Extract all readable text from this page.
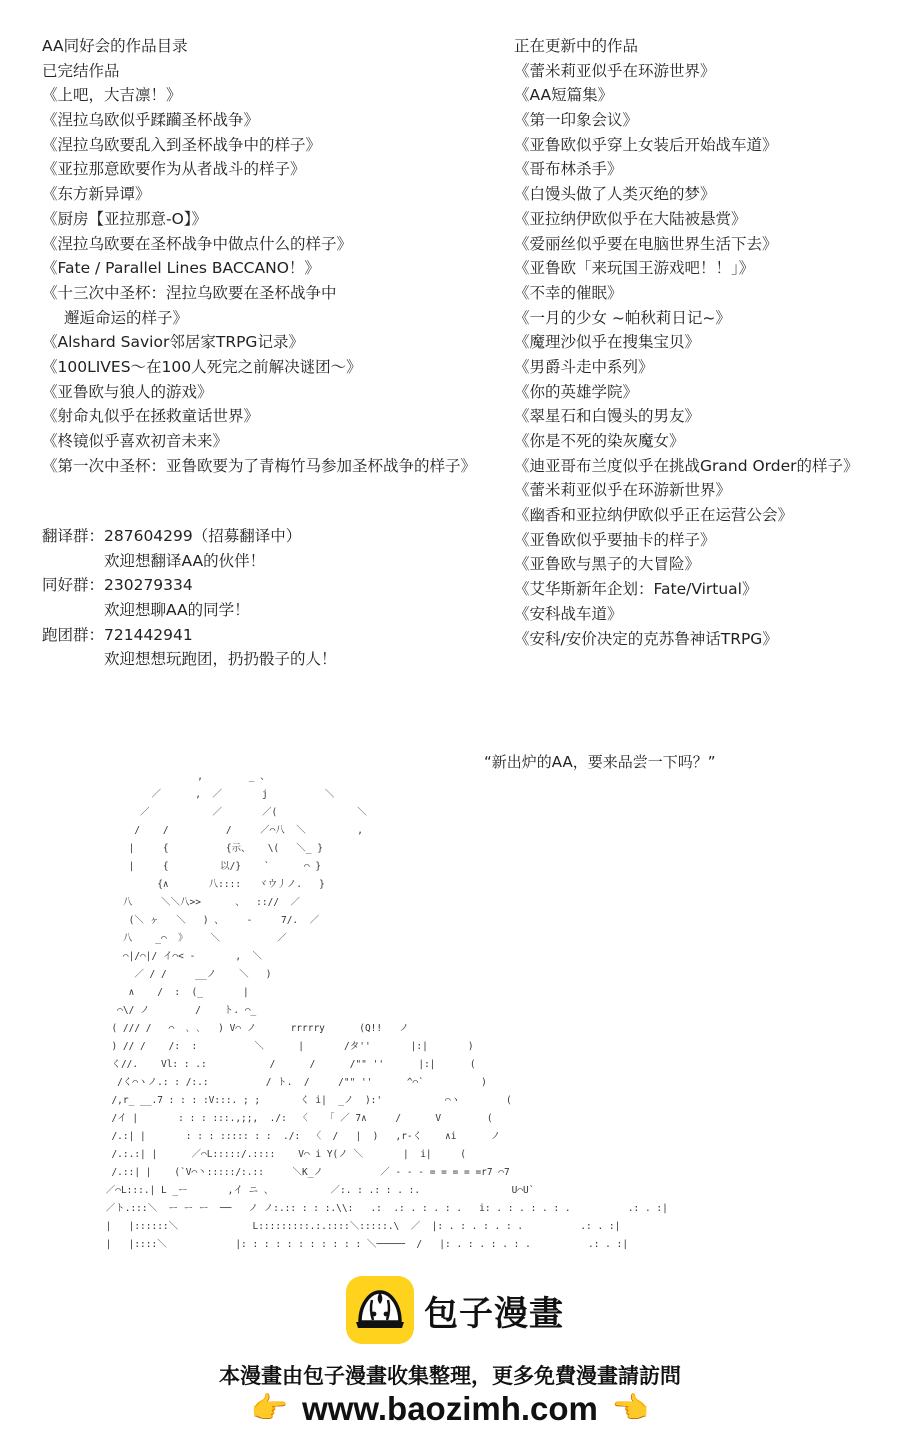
AA同好会的作品目录
已完结作品
《上吧，大吉凛！》
《涅拉乌欧似乎蹂躏圣杯战争》
《涅拉乌欧要乱入到圣杯战争中的样子》
《亚拉那意欧要作为从者战斗的样子》
《东方新异谭》
《厨房【亚拉那意-O】》
《涅拉乌欧要在圣杯战争中做点什么的样子》
《Fate / Parallel Lines BACCANO！》
《十三次中圣杯：涅拉乌欧要在圣杯战争中
邂逅命运的样子》
《Alshard Savior邻居家TRPG记录》
《100LIVES～在100人死完之前解决谜团～》
《亚鲁欧与狼人的游戏》
《射命丸似乎在拯救童话世界》
《柊镜似乎喜欢初音未来》
《第一次中圣杯：亚鲁欧要为了青梅竹马参加圣杯战争的样子》
正在更新中的作品
《蕾米莉亚似乎在环游世界》
《AA短篇集》
《第一印象会议》
《亚鲁欧似乎穿上女装后开始战车道》
《哥布林杀手》
《白馒头做了人类灭绝的梦》
《亚拉纳伊欧似乎在大陆被悬赏》
《爱丽丝似乎要在电脑世界生活下去》
《亚鲁欧「来玩国王游戏吧！！」》
《不幸的催眠》
《一月的少女 ~帕秋莉日记~》
《魔理沙似乎在搜集宝贝》
《男爵斗走中系列》
《你的英雄学院》
《翠星石和白馒头的男友》
《你是不死的染灰魔女》
《迪亚哥布兰度似乎在挑战Grand Order的样子》
《蕾米莉亚似乎在环游新世界》
《幽香和亚拉纳伊欧似乎正在运营公会》
《亚鲁欧似乎要抽卡的样子》
《亚鲁欧与黑子的大冒险》
《艾华斯新年企划：Fate/Virtual》
《安科战车道》
《安科/安价决定的克苏鲁神话TRPG》
翻译群： 287604299（招募翻译中）
欢迎想翻译AA的伙伴！
同好群： 230279334
欢迎想聊AA的同学！
跑团群： 721442941
欢迎想想玩跑团，扔扔骰子的人！
“新出炉的AA，要来品尝一下吗？”
,        _ 、
／      ,  ／       j          ＼
／           ／       ／(              ＼
/    /          /     ／⌒八  ＼         ,
|     {          {示、   \(   ＼_ }
|     {         以/}    `      ⌒ }
{∧       八::::   ヾウ丿ノ.   }
八     ＼＼八>>      、  :://  ／
(＼ ヶ   ＼   ) 、    ‐     7/.  ／
八    _⌒  》    ＼          ／
⌒|/⌒|/ イ⌒< ‐       ,  ＼
／ / /     __ノ    ＼   )
∧    /  :  (_       |
⌒\/ ノ        /    ト. ⌒_
( /// /   ⌒  ､ ､   ) V⌒ ノ      rrrrry      (Q!!   ノ
) // /    /:  :          ＼      |       /タ''       |:|       )
く//.    Vl: : .:           /      /      /"" ''      |:|      (
/く⌒ヽノ.: : /:.:          / ト.  /     /"" ''      ^⌒`          )
/,r_ __.7 : : : :V:::. ; ;       く i|  _ノ  ):'           ⌒ヽ        (
/イ |       : : : :::.,;;,  ./:  〈   「 ／ 7∧     /      V        (
/.:| |       : : : ::::: : :  ./:  〈  /   |  )   ,r‐く    ∧i      ノ
/.:.:| |      ／⌒L:::::/.::::    V⌒ i Y(ノ ＼       |  i|     (
/.::| |    (`V⌒丶:::::/:.::     ＼K_ノ          ／ ‐ ‐ ‐ = = = = =r7 ⌒7
／⌒L:::.| L _ー       ,イ ニ 、          ／:. : .: : . :.                U⌒U`
／ト.:::＼  ー ー ー  ──   ノ ノ:.:: : : :.\\:   .:  .: . : . : .   i: . : . : . : .          .: . :|
|   |::::::＼             L:::::::::.:.::::＼:::::.\  ／  |: . : . : . : .          .: . :|
|   |::::＼            |: : : : : : : : : : : ＼─────  /   |: . : . : . : .          .: . :|
包子漫畫
本漫畫由包子漫畫收集整理，更多免費漫畫請訪問
👉 www.baozimh.com 👈
